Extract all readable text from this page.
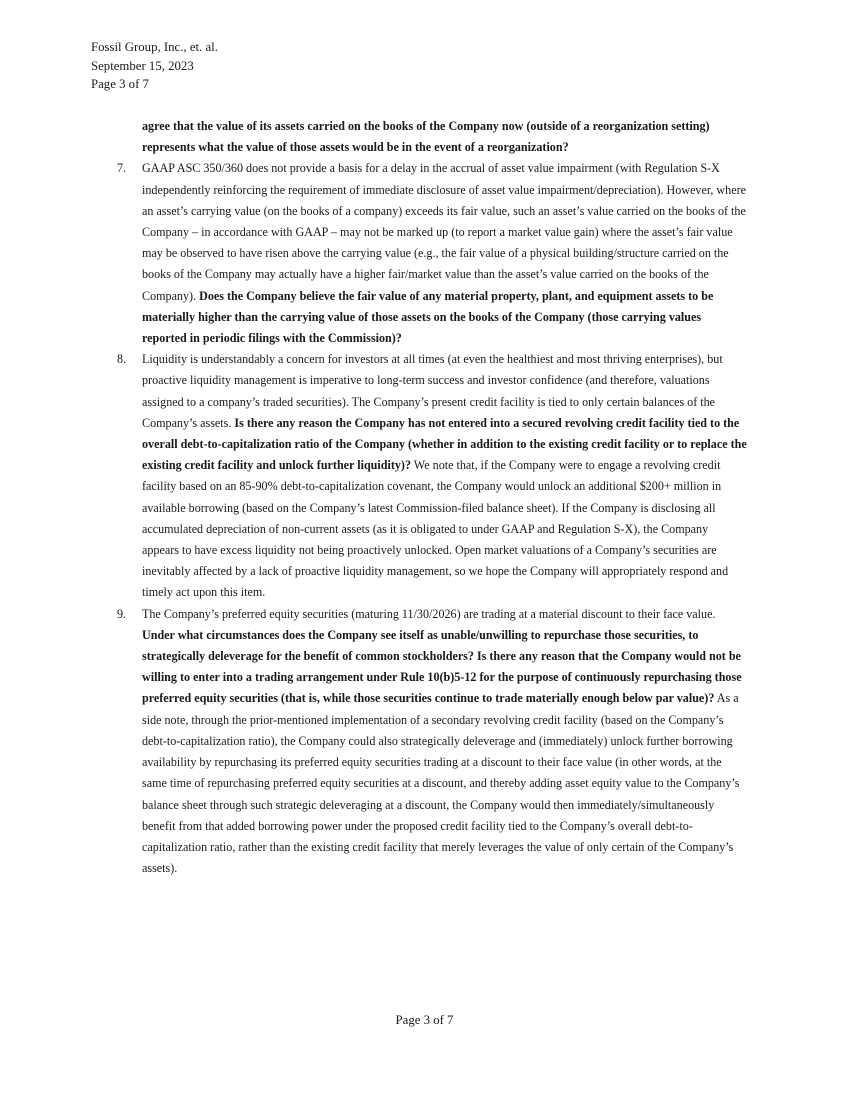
Fossil Group, Inc., et. al.
September 15, 2023
Page 3 of 7

agree that the value of its assets carried on the books of the Company now (outside of a reorganization setting) represents what the value of those assets would be in the event of a reorganization?

7. GAAP ASC 350/360 does not provide a basis for a delay in the accrual of asset value impairment (with Regulation S-X independently reinforcing the requirement of immediate disclosure of asset value impairment/depreciation). However, where an asset’s carrying value (on the books of a company) exceeds its fair value, such an asset’s value carried on the books of the Company – in accordance with GAAP – may not be marked up (to report a market value gain) where the asset’s fair value may be observed to have risen above the carrying value (e.g., the fair value of a physical building/structure carried on the books of the Company may actually have a higher fair/market value than the asset’s value carried on the books of the Company). Does the Company believe the fair value of any material property, plant, and equipment assets to be materially higher than the carrying value of those assets on the books of the Company (those carrying values reported in periodic filings with the Commission)?

8. Liquidity is understandably a concern for investors at all times (at even the healthiest and most thriving enterprises), but proactive liquidity management is imperative to long-term success and investor confidence (and therefore, valuations assigned to a company’s traded securities). The Company’s present credit facility is tied to only certain balances of the Company’s assets. Is there any reason the Company has not entered into a secured revolving credit facility tied to the overall debt-to-capitalization ratio of the Company (whether in addition to the existing credit facility or to replace the existing credit facility and unlock further liquidity)? We note that, if the Company were to engage a revolving credit facility based on an 85-90% debt-to-capitalization covenant, the Company would unlock an additional $200+ million in available borrowing (based on the Company’s latest Commission-filed balance sheet). If the Company is disclosing all accumulated depreciation of non-current assets (as it is obligated to under GAAP and Regulation S-X), the Company appears to have excess liquidity not being proactively unlocked. Open market valuations of a Company’s securities are inevitably affected by a lack of proactive liquidity management, so we hope the Company will appropriately respond and timely act upon this item.

9. The Company’s preferred equity securities (maturing 11/30/2026) are trading at a material discount to their face value. Under what circumstances does the Company see itself as unable/unwilling to repurchase those securities, to strategically deleverage for the benefit of common stockholders? Is there any reason that the Company would not be willing to enter into a trading arrangement under Rule 10(b)5-12 for the purpose of continuously repurchasing those preferred equity securities (that is, while those securities continue to trade materially enough below par value)? As a side note, through the prior-mentioned implementation of a secondary revolving credit facility (based on the Company’s debt-to-capitalization ratio), the Company could also strategically deleverage and (immediately) unlock further borrowing availability by repurchasing its preferred equity securities trading at a discount to their face value (in other words, at the same time of repurchasing preferred equity securities at a discount, and thereby adding asset equity value to the Company’s balance sheet through such strategic deleveraging at a discount, the Company would then immediately/simultaneously benefit from that added borrowing power under the proposed credit facility tied to the Company’s overall debt-to-capitalization ratio, rather than the existing credit facility that merely leverages the value of only certain of the Company’s assets).

Page 3 of 7
